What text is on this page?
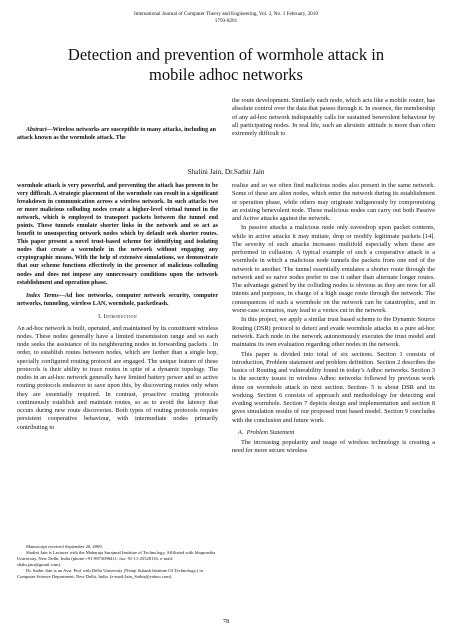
International Journal of Computer Theory and Engineering, Vol. 2, No. 1 February, 2010
1793-8201
Detection and prevention of wormhole attack in
mobile adhoc networks

Abstract—Wireless networks are susceptible to many attacks, including an attack known as the wormhole attack. The

the route development. Similarly each node, which acts like a mobile router, has absolute control over the data that passes through it. In essence, the membership of any ad-hoc network indisputably calls for sustained benevolent behaviour by all participating nodes. In real life, such an altruistic attitude is more than often extremely difficult to

Shalini Jain, Dr.Satbir Jain

wormhole attack is very powerful, and preventing the attack has proven to be very difficult. A strategic placement of the wormhole can result in a significant breakdown in communication across a wireless network. In such attacks two or more malicious colluding nodes create a higher-level virtual tunnel in the network, which is employed to transport packets between the tunnel end points. These tunnels emulate shorter links in the network and so act as benefit to unsuspecting network nodes which by default seek shorter routes. This paper present a novel trust-based scheme for identifying and isolating nodes that create a wormhole in the network without engaging any cryptographic means. With the help of extensive simulations, we demonstrate that our scheme functions effectively in the presence of malicious colluding nodes and does not impose any unnecessary conditions upon the network establishment and operation phase.

Index Terms—Ad hoc networks, computer network security, computer networks, tunneling, wireless LAN, wormhole, packetleash.

I. Introduction

An ad-hoc network is built, operated, and maintained by its constituent wireless nodes. These nodes generally have a limited transmission range and so each node seeks the assistance of its neighbouring nodes in forwarding packets . In order, to establish routes between nodes, which are farther than a single hop, specially configured routing protocol are engaged. The unique feature of these protocols is their ability to trace routes in spite of a dynamic topology. The nodes in an ad-hoc network generally have limited battery power and so active routing protocols endeavor to save upon this, by discovering routes only when they are essentially required. In contrast, proactive routing protocols continuously establish and maintain routes, so as to avoid the latency that occurs during new route discoveries. Both types of routing protocols require persistent cooperative behaviour, with intermediate nodes primarily contributing to

realise and so we often find malicious nodes also present in the same network. Some of these are alien nodes, which enter the network during its establishment or operation phase, while others may originate indigenously by compromising an existing benevolent node. These malicious nodes can carry out both Passive and Active attacks against the network.

In passive attacks a malicious node only eavesdrop upon packet contents, while in active attacks it may imitate, drop or modify legitimate packets [14]. The severity of such attacks increases multifold especially when these are performed in collusion. A typical example of such a cooperative attack is a wormhole in which a malicious node tunnels the packets from one end of the network to another. The tunnel essentially emulates a shorter route through the network and so naive nodes prefer to use it rather than alternate longer routes. The advantage gained by the colluding nodes is obvious as they are now for all intents and purposes, in charge of a high usage route through the network. The consequences of such a wormhole on the network can be catastrophic, and in worst-case scenarios, may lead to a vertex cut in the network.

In this project, we apply a similar trust based scheme to the Dynamic Source Routing (DSR) protocol to detect and evade wormhole attacks in a pure ad-hoc network. Each node in the network autonomously executes the trust model and maintains its own evaluation regarding other nodes in the network.

This paper is divided into total of six sections. Section 1 consists of introduction, Problem statement and problem definition. Section 2 describes the basics of Routing and vulnerability found in today’s Adhoc networks. Section 3 is the security issues in wireless Adhoc networks followed by previous work done on wormhole attack in next section. Section- 5 is about DSR and its working. Section 6 consists of approach and methodology for detecting and evading wormhole. Section 7 depicts design and implementation and section 8 gives simulation results of our proposed trust based model. Section 9 concludes with the conclusion and future work.

A. Problem Statement

The increasing popularity and usage of wireless technology is creating a need for more secure wireless

Manuscript received September 20, 2009.

Shalini Jain is Lecturer with the Maharaja Surajmal Institute of Technology, Affiliated with Idraprastha University, New Delhi, India (phone:+91-9873098411; fax: 91-11-25528116, e-mail: shalu.jain@gmail.com).

Dr. Satbir Jain is an Asst. Prof with Delhi University (Netaji Subash Institute Of Technology,) in Computer Science Department, New Delhi, India. (e-mail:Jain_Satbir@yahoo.com).

78
